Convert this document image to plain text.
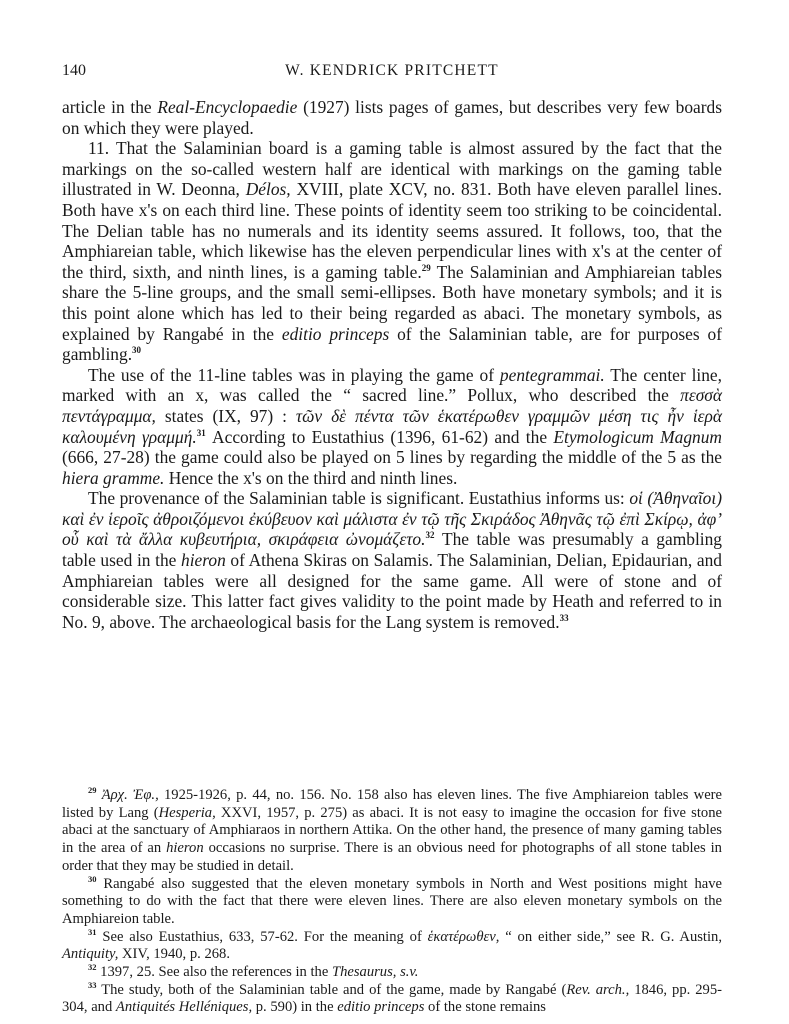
140	W. KENDRICK PRITCHETT

article in the Real-Encyclopaedie (1927) lists pages of games, but describes very few boards on which they were played.

11. That the Salaminian board is a gaming table is almost assured by the fact that the markings on the so-called western half are identical with markings on the gaming table illustrated in W. Deonna, Délos, XVIII, plate XCV, no. 831. Both have eleven parallel lines. Both have x's on each third line. These points of identity seem too striking to be coincidental. The Delian table has no numerals and its identity seems assured. It follows, too, that the Amphiareian table, which likewise has the eleven perpendicular lines with x's at the center of the third, sixth, and ninth lines, is a gaming table.$^{29}$ The Salaminian and Amphiareian tables share the 5-line groups, and the small semi-ellipses. Both have monetary symbols; and it is this point alone which has led to their being regarded as abaci. The monetary symbols, as explained by Rangabé in the editio princeps of the Salaminian table, are for purposes of gambling.$^{30}$

The use of the 11-line tables was in playing the game of pentegrammai. The center line, marked with an x, was called the “ sacred line.” Pollux, who described the πεσσὰ πεντάγραμμα, states (IX, 97) : τῶν δὲ πέντα τῶν ἑκατέρωθεν γραμμῶν μέση τις ἦν ἱερὰ καλουμένη γραμμή.$^{31}$ According to Eustathius (1396, 61-62) and the Etymologicum Magnum (666, 27-28) the game could also be played on 5 lines by regarding the middle of the 5 as the hiera gramme. Hence the x's on the third and ninth lines.

The provenance of the Salaminian table is significant. Eustathius informs us: οἱ (Ἀθηναῖοι) καὶ ἐν ἱεροῖς ἀθροιζόμενοι ἐκύβευον καὶ μάλιστα ἐν τῷ τῆς Σκιράδος Ἀθηνᾶς τῷ ἐπὶ Σκίρῳ, ἀφ’ οὗ καὶ τὰ ἄλλα κυβευτήρια, σκιράφεια ὠνομάζετο.$^{32}$ The table was presumably a gambling table used in the hieron of Athena Skiras on Salamis. The Salaminian, Delian, Epidaurian, and Amphiareian tables were all designed for the same game. All were of stone and of considerable size. This latter fact gives validity to the point made by Heath and referred to in No. 9, above. The archaeological basis for the Lang system is removed.$^{33}$

$^{29}$ Ἀρχ. Ἐφ., 1925-1926, p. 44, no. 156. No. 158 also has eleven lines. The five Amphiareion tables were listed by Lang (Hesperia, XXVI, 1957, p. 275) as abaci. It is not easy to imagine the occasion for five stone abaci at the sanctuary of Amphiaraos in northern Attika. On the other hand, the presence of many gaming tables in the area of an hieron occasions no surprise. There is an obvious need for photographs of all stone tables in order that they may be studied in detail.

$^{30}$ Rangabé also suggested that the eleven monetary symbols in North and West positions might have something to do with the fact that there were eleven lines. There are also eleven monetary symbols on the Amphiareion table.

$^{31}$ See also Eustathius, 633, 57-62. For the meaning of ἑκατέρωθεν, “ on either side,” see R. G. Austin, Antiquity, XIV, 1940, p. 268.

$^{32}$ 1397, 25. See also the references in the Thesaurus, s.v.

$^{33}$ The study, both of the Salaminian table and of the game, made by Rangabé (Rev. arch., 1846, pp. 295-304, and Antiquités Helléniques, p. 590) in the editio princeps of the stone remains
